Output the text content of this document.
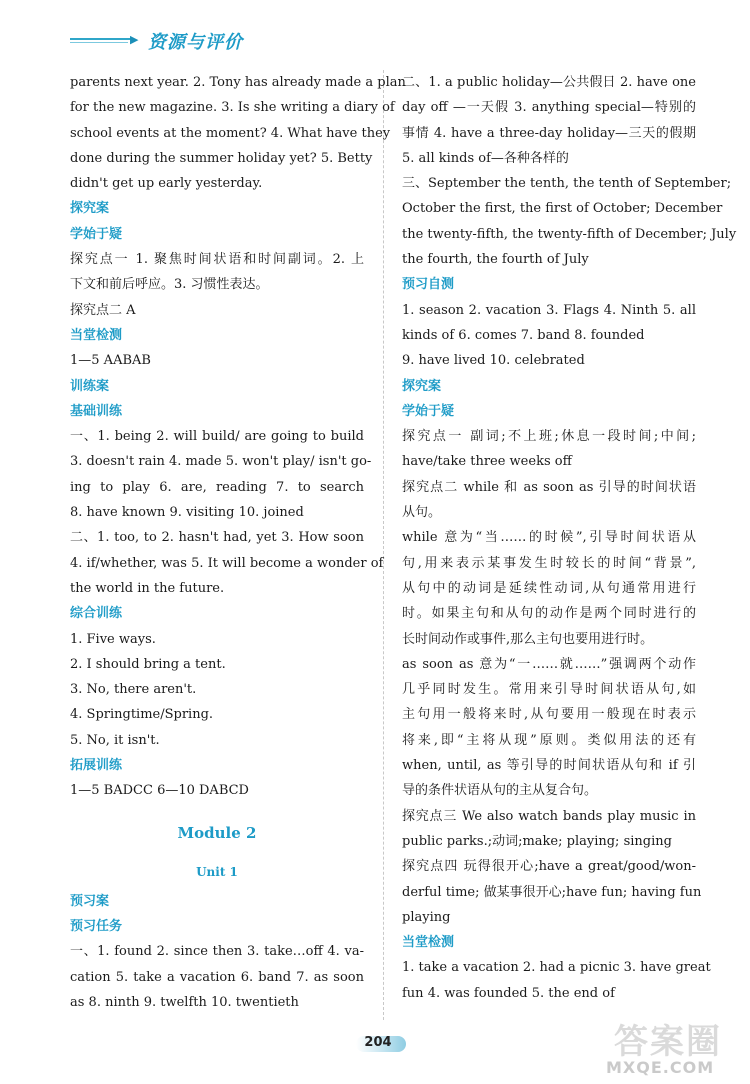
▶ 资源与评价
parents next year. 2. Tony has already made a plan
for the new magazine. 3. Is she writing a diary of
school events at the moment? 4. What have they
done during the summer holiday yet? 5. Betty
didn't get up early yesterday.
探究案
学始于疑
探究点一 1. 聚焦时间状语和时间副词。2. 上
下文和前后呼应。3. 习惯性表达。
探究点二 A
当堂检测
1—5 AABAB
训练案
基础训练
一、1. being 2. will build/ are going to build
3. doesn't rain 4. made 5. won't play/ isn't go-
ing to play 6. are, reading 7. to search
8. have known 9. visiting 10. joined
二、1. too, to 2. hasn't had, yet 3. How soon
4. if/whether, was 5. It will become a wonder of
the world in the future.
综合训练
1. Five ways.
2. I should bring a tent.
3. No, there aren't.
4. Springtime/Spring.
5. No, it isn't.
拓展训练
1—5 BADCC 6—10 DABCD
Module 2
Unit 1
预习案
预习任务
一、1. found 2. since then 3. take…off 4. va-
cation 5. take a vacation 6. band 7. as soon
as 8. ninth 9. twelfth 10. twentieth
二、1. a public holiday—公共假日 2. have one
day off —一天假 3. anything special—特别的
事情 4. have a three-day holiday—三天的假期
5. all kinds of—各种各样的
三、September the tenth, the tenth of September;
October the first, the first of October; December
the twenty-fifth, the twenty-fifth of December; July
the fourth, the fourth of July
预习自测
1. season 2. vacation 3. Flags 4. Ninth 5. all
kinds of 6. comes 7. band 8. founded
9. have lived 10. celebrated
探究案
学始于疑
探究点一 副词;不上班;休息一段时间;中间;
have/take three weeks off
探究点二 while 和 as soon as 引导的时间状语
从句。
while 意为“当……的时候”,引导时间状语从
句,用来表示某事发生时较长的时间“背景”,
从句中的动词是延续性动词,从句通常用进行
时。如果主句和从句的动作是两个同时进行的
长时间动作或事件,那么主句也要用进行时。
as soon as 意为“一……就……”强调两个动作
几乎同时发生。常用来引导时间状语从句,如
主句用一般将来时,从句要用一般现在时表示
将来,即“主将从现”原则。类似用法的还有
when, until, as 等引导的时间状语从句和 if 引
导的条件状语从句的主从复合句。
探究点三 We also watch bands play music in
public parks.;动词;make; playing; singing
探究点四 玩得很开心;have a great/good/won-
derful time; 做某事很开心;have fun; having fun
playing
当堂检测
1. take a vacation 2. had a picnic 3. have great
fun 4. was founded 5. the end of
204	答案圈
MXQE.COM
